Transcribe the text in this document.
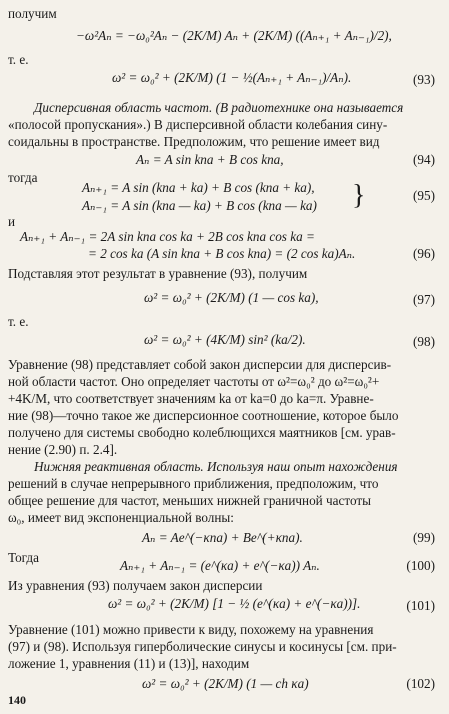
получим
−ω²Aₙ = −ω₀²Aₙ − (2K/M) Aₙ + (2K/M) ((Aₙ₊₁ + Aₙ₋₁)/2),
т. е.
ω² = ω₀² + (2K/M) (1 − ½(Aₙ₊₁ + Aₙ₋₁)/Aₙ).	(93)
Дисперсивная область частот. (В радиотехнике она называется
«полосой пропускания».) В дисперсивной области колебания сину-
соидальны в пространстве. Предположим, что решение имеет вид
Aₙ = A sin kna + B cos kna,	(94)
тогда
Aₙ₊₁ = A sin (kna + ka) + B cos (kna + ka),
Aₙ₋₁ = A sin (kna — ka) + B cos (kna — ka) }	(95)
и
Aₙ₊₁ + Aₙ₋₁ = 2A sin kna cos ka + 2B cos kna cos ka =
= 2 cos ka (A sin kna + B cos kna) = (2 cos ka)Aₙ.	(96)
Подставляя этот результат в уравнение (93), получим
ω² = ω₀² + (2K/M) (1 — cos ka),	(97)
т. е.
ω² = ω₀² + (4K/M) sin² (ka/2).	(98)
Уравнение (98) представляет собой закон дисперсии для дисперсив-
ной области частот. Оно определяет частоты от ω²=ω₀² до ω²=ω₀²+
+4K/M, что соответствует значениям ka от ka=0 до ka=π. Уравне-
ние (98)—точно такое же дисперсионное соотношение, которое было
получено для системы свободно колеблющихся маятников [см. урав-
нение (2.90) п. 2.4].
Нижняя реактивная область. Используя наш опыт нахождения
решений в случае непрерывного приближения, предположим, что
общее решение для частот, меньших нижней граничной частоты
ω₀, имеет вид экспоненциальной волны:
Aₙ = Ae^(−κna) + Be^(+κna).	(99)
Тогда
Aₙ₊₁ + Aₙ₋₁ = (e^(κa) + e^(−κa)) Aₙ.	(100)
Из уравнения (93) получаем закон дисперсии
ω² = ω₀² + (2K/M) [1 − ½ (e^(κa) + e^(−κa))].	(101)
Уравнение (101) можно привести к виду, похожему на уравнения
(97) и (98). Используя гиперболические синусы и косинусы [см. при-
ложение 1, уравнения (11) и (13)], находим
ω² = ω₀² + (2K/M) (1 — ch κa)	(102)
140
